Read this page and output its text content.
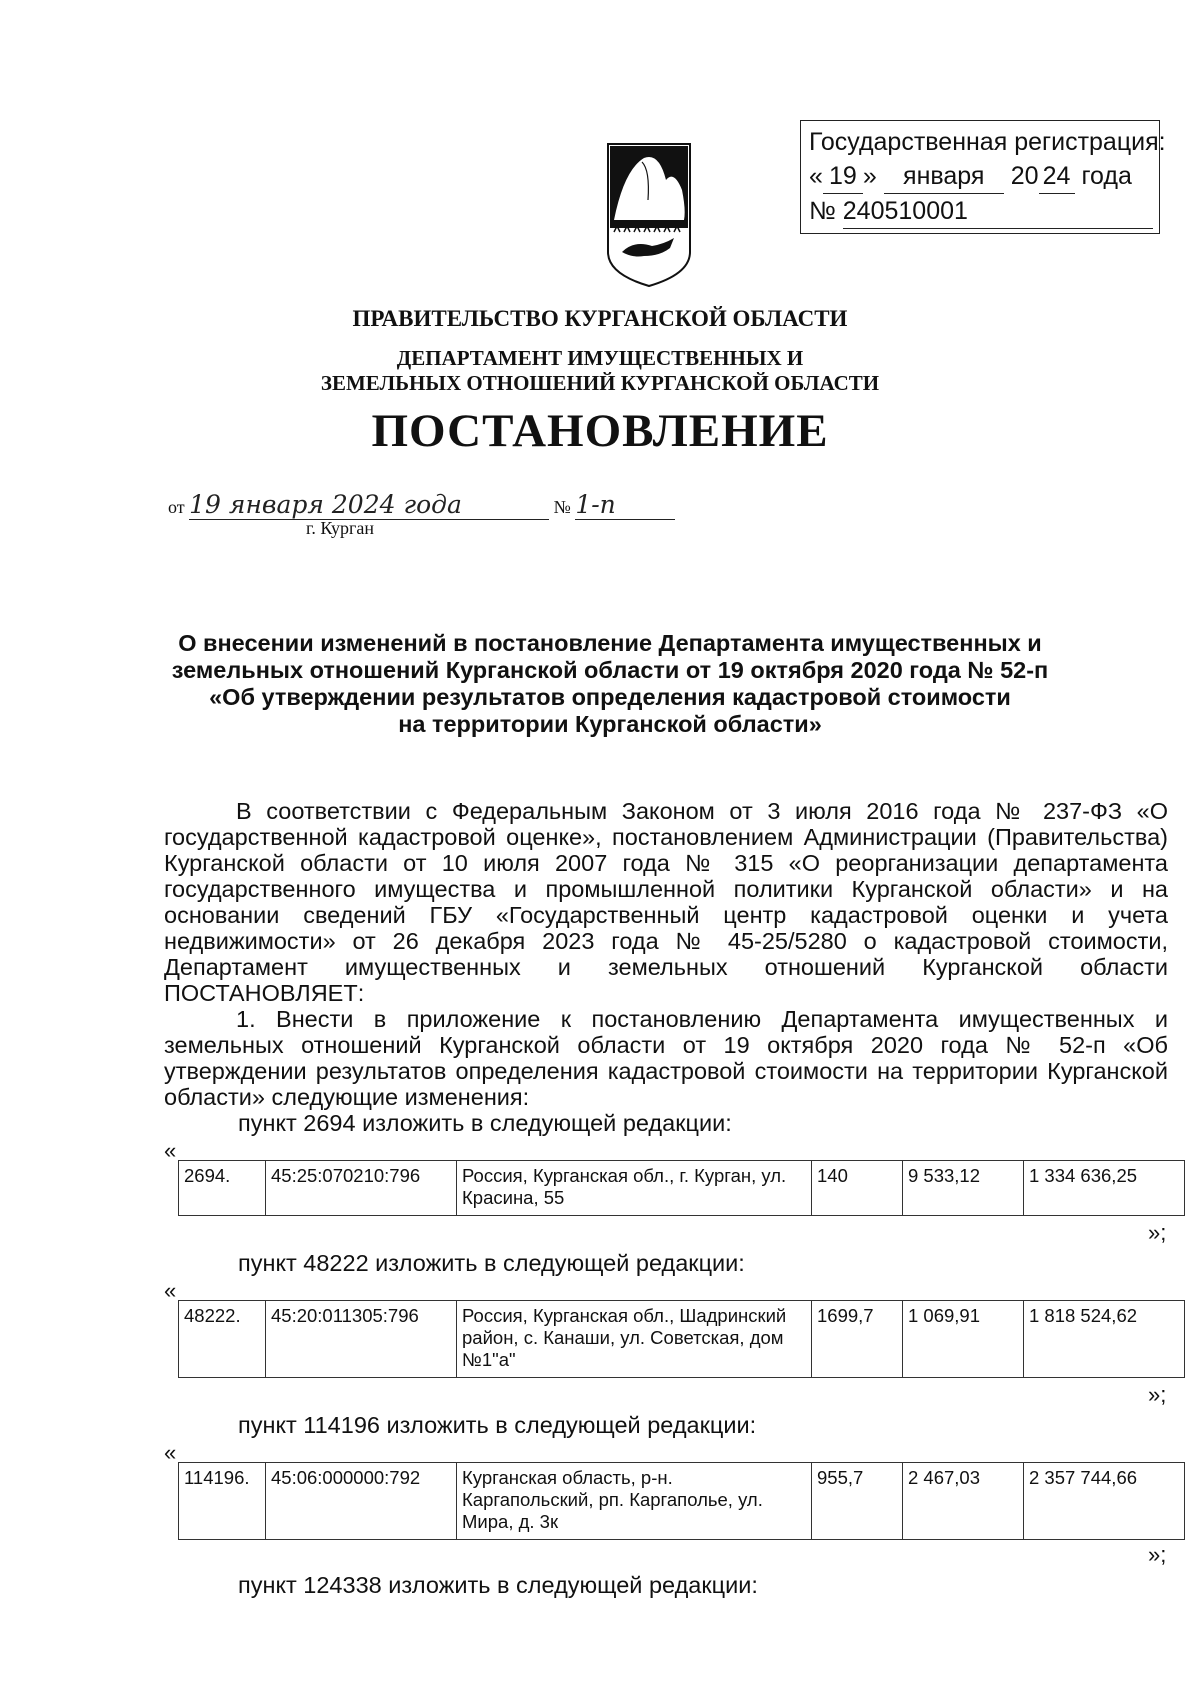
Государственная регистрация:
« 19 » января 20 24 года
№ 240510001
ПРАВИТЕЛЬСТВО КУРГАНСКОЙ ОБЛАСТИ
ДЕПАРТАМЕНТ ИМУЩЕСТВЕННЫХ И
ЗЕМЕЛЬНЫХ ОТНОШЕНИЙ КУРГАНСКОЙ ОБЛАСТИ
ПОСТАНОВЛЕНИЕ
от 19 января 2024 года	№ 1-п
г. Курган
О внесении изменений в постановление Департамента имущественных и
земельных отношений Курганской области от 19 октября 2020 года № 52-п
«Об утверждении результатов определения кадастровой стоимости
на территории Курганской области»

В соответствии с Федеральным Законом от 3 июля 2016 года № 237-ФЗ «О государственной кадастровой оценке», постановлением Администрации (Правительства) Курганской области от 10 июля 2007 года № 315 «О реорганизации департамента государственного имущества и промышленной политики Курганской области» и на основании сведений ГБУ «Государственный центр кадастровой оценки и учета недвижимости» от 26 декабря 2023 года № 45-25/5280 о кадастровой стоимости, Департамент имущественных и земельных отношений Курганской области ПОСТАНОВЛЯЕТ:

1. Внести в приложение к постановлению Департамента имущественных и земельных отношений Курганской области от 19 октября 2020 года № 52-п «Об утверждении результатов определения кадастровой стоимости на территории Курганской области» следующие изменения:

пункт 2694 изложить в следующей редакции:
«
2694.	45:25:070210:796	Россия, Курганская обл., г. Курган, ул. Красина, 55	140	9 533,12	1 334 636,25
»;
пункт 48222 изложить в следующей редакции:
«
48222.	45:20:011305:796	Россия, Курганская обл., Шадринский район, с. Канаши, ул. Советская, дом №1"а"	1699,7	1 069,91	1 818 524,62
»;
пункт 114196 изложить в следующей редакции:
«
114196.	45:06:000000:792	Курганская область, р-н. Каргапольский, рп. Каргаполье, ул. Мира, д. 3к	955,7	2 467,03	2 357 744,66
»;
пункт 124338 изложить в следующей редакции:
